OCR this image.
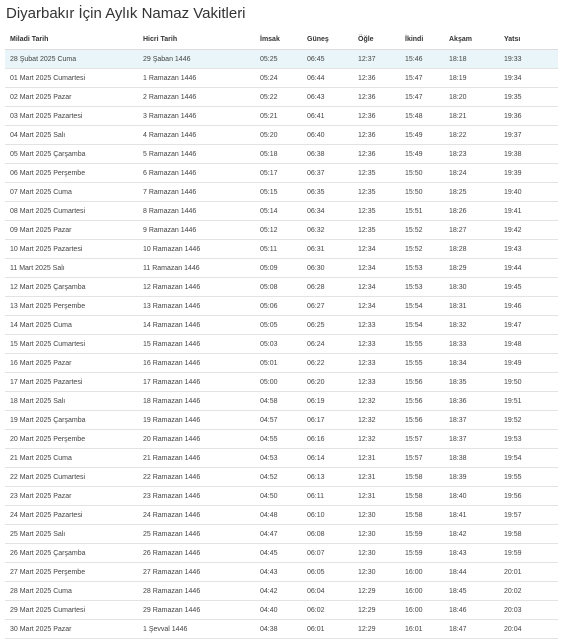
Diyarbakır İçin Aylık Namaz Vakitleri
Miladi Tarih	Hicri Tarih	İmsak	Güneş	Öğle	İkindi	Akşam	Yatsı
28 Şubat 2025 Cuma	29 Şaban 1446	05:25	06:45	12:37	15:46	18:18	19:33
01 Mart 2025 Cumartesi	1 Ramazan 1446	05:24	06:44	12:36	15:47	18:19	19:34
02 Mart 2025 Pazar	2 Ramazan 1446	05:22	06:43	12:36	15:47	18:20	19:35
03 Mart 2025 Pazartesi	3 Ramazan 1446	05:21	06:41	12:36	15:48	18:21	19:36
04 Mart 2025 Salı	4 Ramazan 1446	05:20	06:40	12:36	15:49	18:22	19:37
05 Mart 2025 Çarşamba	5 Ramazan 1446	05:18	06:38	12:36	15:49	18:23	19:38
06 Mart 2025 Perşembe	6 Ramazan 1446	05:17	06:37	12:35	15:50	18:24	19:39
07 Mart 2025 Cuma	7 Ramazan 1446	05:15	06:35	12:35	15:50	18:25	19:40
08 Mart 2025 Cumartesi	8 Ramazan 1446	05:14	06:34	12:35	15:51	18:26	19:41
09 Mart 2025 Pazar	9 Ramazan 1446	05:12	06:32	12:35	15:52	18:27	19:42
10 Mart 2025 Pazartesi	10 Ramazan 1446	05:11	06:31	12:34	15:52	18:28	19:43
11 Mart 2025 Salı	11 Ramazan 1446	05:09	06:30	12:34	15:53	18:29	19:44
12 Mart 2025 Çarşamba	12 Ramazan 1446	05:08	06:28	12:34	15:53	18:30	19:45
13 Mart 2025 Perşembe	13 Ramazan 1446	05:06	06:27	12:34	15:54	18:31	19:46
14 Mart 2025 Cuma	14 Ramazan 1446	05:05	06:25	12:33	15:54	18:32	19:47
15 Mart 2025 Cumartesi	15 Ramazan 1446	05:03	06:24	12:33	15:55	18:33	19:48
16 Mart 2025 Pazar	16 Ramazan 1446	05:01	06:22	12:33	15:55	18:34	19:49
17 Mart 2025 Pazartesi	17 Ramazan 1446	05:00	06:20	12:33	15:56	18:35	19:50
18 Mart 2025 Salı	18 Ramazan 1446	04:58	06:19	12:32	15:56	18:36	19:51
19 Mart 2025 Çarşamba	19 Ramazan 1446	04:57	06:17	12:32	15:56	18:37	19:52
20 Mart 2025 Perşembe	20 Ramazan 1446	04:55	06:16	12:32	15:57	18:37	19:53
21 Mart 2025 Cuma	21 Ramazan 1446	04:53	06:14	12:31	15:57	18:38	19:54
22 Mart 2025 Cumartesi	22 Ramazan 1446	04:52	06:13	12:31	15:58	18:39	19:55
23 Mart 2025 Pazar	23 Ramazan 1446	04:50	06:11	12:31	15:58	18:40	19:56
24 Mart 2025 Pazartesi	24 Ramazan 1446	04:48	06:10	12:30	15:58	18:41	19:57
25 Mart 2025 Salı	25 Ramazan 1446	04:47	06:08	12:30	15:59	18:42	19:58
26 Mart 2025 Çarşamba	26 Ramazan 1446	04:45	06:07	12:30	15:59	18:43	19:59
27 Mart 2025 Perşembe	27 Ramazan 1446	04:43	06:05	12:30	16:00	18:44	20:01
28 Mart 2025 Cuma	28 Ramazan 1446	04:42	06:04	12:29	16:00	18:45	20:02
29 Mart 2025 Cumartesi	29 Ramazan 1446	04:40	06:02	12:29	16:00	18:46	20:03
30 Mart 2025 Pazar	1 Şevval 1446	04:38	06:01	12:29	16:01	18:47	20:04
